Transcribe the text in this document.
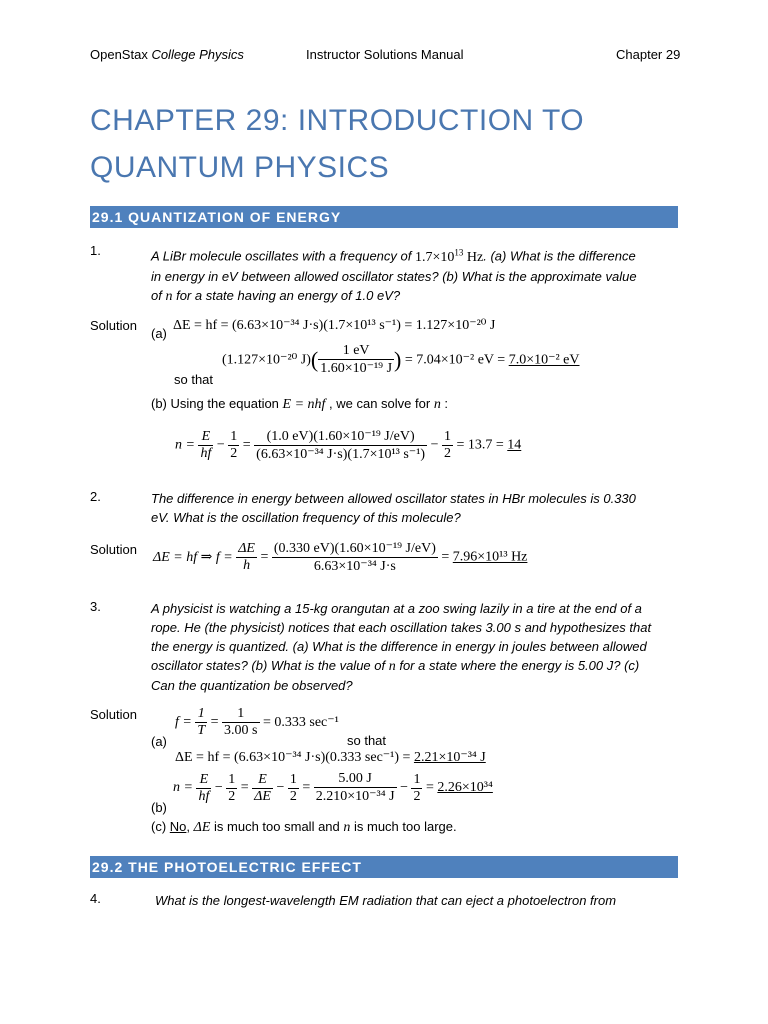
OpenStax College Physics	Instructor Solutions Manual	Chapter 29
CHAPTER 29: INTRODUCTION TO
QUANTUM PHYSICS
29.1 QUANTIZATION OF ENERGY
1.	A LiBr molecule oscillates with a frequency of $1.7\times 10^{13}$ Hz. (a) What is the difference
in energy in eV between allowed oscillator states? (b) What is the approximate value
of n for a state having an energy of 1.0 eV?
Solution
(a)
ΔE = hf = (6.63×10⁻³⁴ J·s)(1.7×10¹³ s⁻¹) = 1.127×10⁻²⁰ J
(1.127×10⁻²⁰ $J)( \frac{1 eV}{\text{1.60×10⁻¹⁹ J}}$ ) = 7.04×10⁻² eV = 7.0×10⁻² eV
so that
(b) Using the equation E = nhf , we can solve for n :
$n = \frac{E}{hf} - \frac{1}{2} = \frac{\text{(1.0 eV)(1.60×10⁻¹⁹ J/eV)}}{\text{(6.63×10⁻³⁴ J·s)(1.7×10¹³ s⁻¹)}} - \frac{1}{2} = 13.7 = 14$
2.	The difference in energy between allowed oscillator states in HBr molecules is 0.330
eV. What is the oscillation frequency of this molecule?
Solution
ΔE = hf ⇒ $f = \frac{\Delta E}{h} = \frac{\text{(0.330 eV)(1.60×10⁻¹⁹ J/eV)}}{\text{6.63×10⁻³⁴ J·s}} = 7.96\times 10^{13}$ Hz
3.	A physicist is watching a 15-kg orangutan at a zoo swing lazily in a tire at the end of a
rope. He (the physicist) notices that each oscillation takes 3.00 s and hypothesizes that
the energy is quantized. (a) What is the difference in energy in joules between allowed
oscillator states? (b) What is the value of n for a state where the energy is 5.00 J? (c)
Can the quantization be observed?
Solution
(a)
$f = \frac{1}{T} = \frac{1}{3.00 s} = 0.333$ sec⁻¹
so that
ΔE = hf = (6.63×10⁻³⁴ J·s)(0.333 sec⁻¹) = 2.21×10⁻³⁴ J
(b)
$n = \frac{E}{hf} - \frac{1}{2} = \frac{E}{\Delta E} - \frac{1}{2} = \frac{5.00 J}{\text{2.210×10⁻³⁴ J}} - \frac{1}{2} = 2.26\times 10^{34}$
(c) No, ΔE is much too small and n is much too large.
29.2 THE PHOTOELECTRIC EFFECT
4.	What is the longest-wavelength EM radiation that can eject a photoelectron from
